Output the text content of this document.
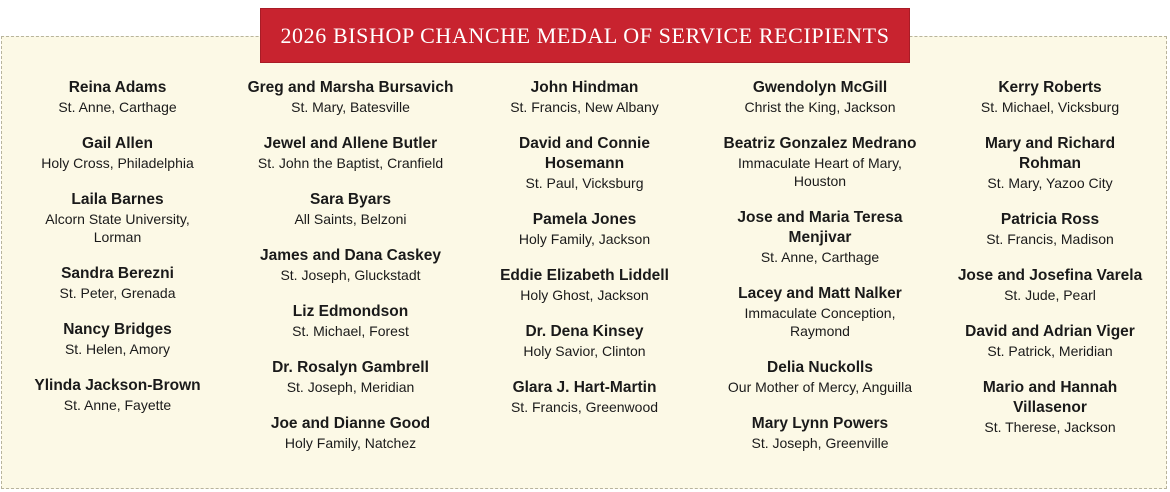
2026 BISHOP CHANCHE MEDAL OF SERVICE RECIPIENTS
Reina Adams
St. Anne, Carthage
Gail Allen
Holy Cross, Philadelphia
Laila Barnes
Alcorn State University, Lorman
Sandra Berezni
St. Peter, Grenada
Nancy Bridges
St. Helen, Amory
Ylinda Jackson-Brown
St. Anne, Fayette
Greg and Marsha Bursavich
St. Mary, Batesville
Jewel and Allene Butler
St. John the Baptist, Cranfield
Sara Byars
All Saints, Belzoni
James and Dana Caskey
St. Joseph, Gluckstadt
Liz Edmondson
St. Michael, Forest
Dr. Rosalyn Gambrell
St. Joseph, Meridian
Joe and Dianne Good
Holy Family, Natchez
John Hindman
St. Francis, New Albany
David and Connie Hosemann
St. Paul, Vicksburg
Pamela Jones
Holy Family, Jackson
Eddie Elizabeth Liddell
Holy Ghost, Jackson
Dr. Dena Kinsey
Holy Savior, Clinton
Glara J. Hart-Martin
St. Francis, Greenwood
Gwendolyn McGill
Christ the King, Jackson
Beatriz Gonzalez Medrano
Immaculate Heart of Mary, Houston
Jose and Maria Teresa Menjivar
St. Anne, Carthage
Lacey and Matt Nalker
Immaculate Conception, Raymond
Delia Nuckolls
Our Mother of Mercy, Anguilla
Mary Lynn Powers
St. Joseph, Greenville
Kerry Roberts
St. Michael, Vicksburg
Mary and Richard Rohman
St. Mary, Yazoo City
Patricia Ross
St. Francis, Madison
Jose and Josefina Varela
St. Jude, Pearl
David and Adrian Viger
St. Patrick, Meridian
Mario and Hannah Villasenor
St. Therese, Jackson
